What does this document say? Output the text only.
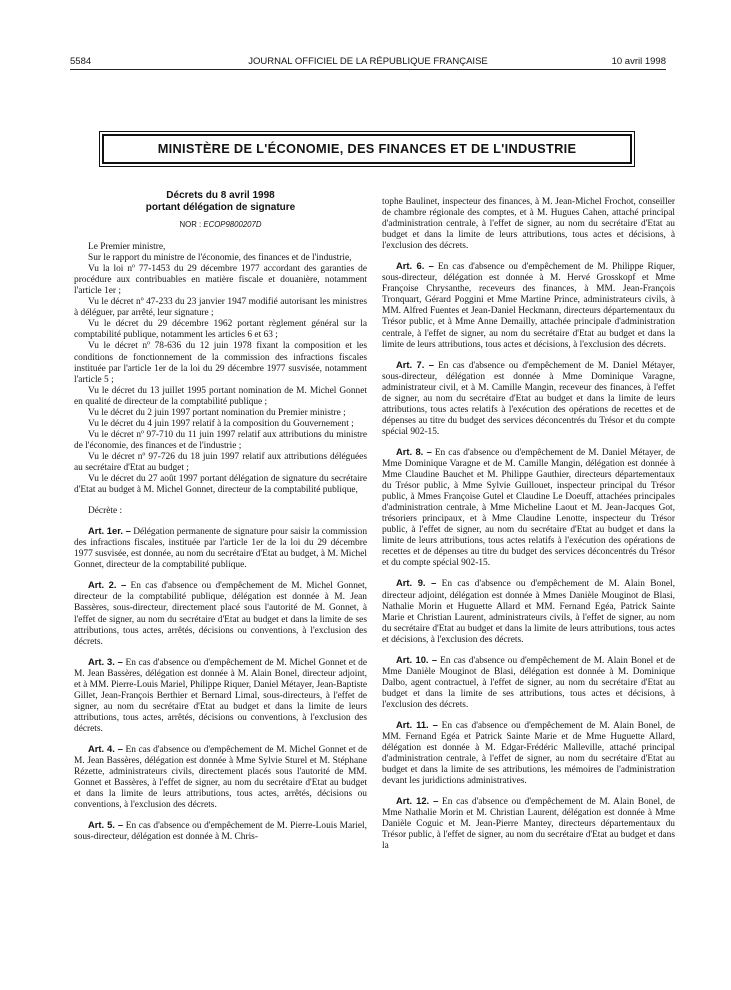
5584	JOURNAL OFFICIEL DE LA RÉPUBLIQUE FRANÇAISE	10 avril 1998
MINISTÈRE DE L'ÉCONOMIE, DES FINANCES ET DE L'INDUSTRIE
Décrets du 8 avril 1998
portant délégation de signature
NOR : ECOP9800207D

Le Premier ministre,

Sur le rapport du ministre de l'économie, des finances et de l'industrie,

Vu la loi nº 77-1453 du 29 décembre 1977 accordant des garanties de procédure aux contribuables en matière fiscale et douanière, notamment l'article 1er ;

Vu le décret nº 47-233 du 23 janvier 1947 modifié autorisant les ministres à déléguer, par arrêté, leur signature ;

Vu le décret du 29 décembre 1962 portant règlement général sur la comptabilité publique, notamment les articles 6 et 63 ;

Vu le décret nº 78-636 du 12 juin 1978 fixant la composition et les conditions de fonctionnement de la commission des infractions fiscales instituée par l'article 1er de la loi du 29 décembre 1977 susvisée, notamment l'article 5 ;

Vu le décret du 13 juillet 1995 portant nomination de M. Michel Gonnet en qualité de directeur de la comptabilité publique ;

Vu le décret du 2 juin 1997 portant nomination du Premier ministre ;

Vu le décret du 4 juin 1997 relatif à la composition du Gouvernement ;

Vu le décret nº 97-710 du 11 juin 1997 relatif aux attributions du ministre de l'économie, des finances et de l'industrie ;

Vu le décret nº 97-726 du 18 juin 1997 relatif aux attributions déléguées au secrétaire d'Etat au budget ;

Vu le décret du 27 août 1997 portant délégation de signature du secrétaire d'Etat au budget à M. Michel Gonnet, directeur de la comptabilité publique,

Décrète :

Art. 1er. – Délégation permanente de signature pour saisir la commission des infractions fiscales, instituée par l'article 1er de la loi du 29 décembre 1977 susvisée, est donnée, au nom du secrétaire d'Etat au budget, à M. Michel Gonnet, directeur de la comptabilité publique.

Art. 2. – En cas d'absence ou d'empêchement de M. Michel Gonnet, directeur de la comptabilité publique, délégation est donnée à M. Jean Bassères, sous-directeur, directement placé sous l'autorité de M. Gonnet, à l'effet de signer, au nom du secrétaire d'Etat au budget et dans la limite de ses attributions, tous actes, arrêtés, décisions ou conventions, à l'exclusion des décrets.

Art. 3. – En cas d'absence ou d'empêchement de M. Michel Gonnet et de M. Jean Bassères, délégation est donnée à M. Alain Bonel, directeur adjoint, et à MM. Pierre-Louis Mariel, Philippe Riquer, Daniel Métayer, Jean-Baptiste Gillet, Jean-François Berthier et Bernard Limal, sous-directeurs, à l'effet de signer, au nom du secrétaire d'Etat au budget et dans la limite de leurs attributions, tous actes, arrêtés, décisions ou conventions, à l'exclusion des décrets.

Art. 4. – En cas d'absence ou d'empêchement de M. Michel Gonnet et de M. Jean Bassères, délégation est donnée à Mme Sylvie Sturel et M. Stéphane Rézette, administrateurs civils, directement placés sous l'autorité de MM. Gonnet et Bassères, à l'effet de signer, au nom du secrétaire d'Etat au budget et dans la limite de leurs attributions, tous actes, arrêtés, décisions ou conventions, à l'exclusion des décrets.

Art. 5. – En cas d'absence ou d'empêchement de M. Pierre-Louis Mariel, sous-directeur, délégation est donnée à M. Chris-

tophe Baulinet, inspecteur des finances, à M. Jean-Michel Frochot, conseiller de chambre régionale des comptes, et à M. Hugues Cahen, attaché principal d'administration centrale, à l'effet de signer, au nom du secrétaire d'Etat au budget et dans la limite de leurs attributions, tous actes et décisions, à l'exclusion des décrets.

Art. 6. – En cas d'absence ou d'empêchement de M. Philippe Riquer, sous-directeur, délégation est donnée à M. Hervé Grosskopf et Mme Françoise Chrysanthe, receveurs des finances, à MM. Jean-François Tronquart, Gérard Poggini et Mme Martine Prince, administrateurs civils, à MM. Alfred Fuentes et Jean-Daniel Heckmann, directeurs départementaux du Trésor public, et à Mme Anne Demailly, attachée principale d'administration centrale, à l'effet de signer, au nom du secrétaire d'Etat au budget et dans la limite de leurs attributions, tous actes et décisions, à l'exclusion des décrets.

Art. 7. – En cas d'absence ou d'empêchement de M. Daniel Métayer, sous-directeur, délégation est donnée à Mme Dominique Varagne, administrateur civil, et à M. Camille Mangin, receveur des finances, à l'effet de signer, au nom du secrétaire d'Etat au budget et dans la limite de leurs attributions, tous actes relatifs à l'exécution des opérations de recettes et de dépenses au titre du budget des services déconcentrés du Trésor et du compte spécial 902-15.

Art. 8. – En cas d'absence ou d'empêchement de M. Daniel Métayer, de Mme Dominique Varagne et de M. Camille Mangin, délégation est donnée à Mme Claudine Bauchet et M. Philippe Gauthier, directeurs départementaux du Trésor public, à Mme Sylvie Guillouet, inspecteur principal du Trésor public, à Mmes Françoise Gutel et Claudine Le Doeuff, attachées principales d'administration centrale, à Mme Micheline Laout et M. Jean-Jacques Got, trésoriers principaux, et à Mme Claudine Lenotte, inspecteur du Trésor public, à l'effet de signer, au nom du secrétaire d'Etat au budget et dans la limite de leurs attributions, tous actes relatifs à l'exécution des opérations de recettes et de dépenses au titre du budget des services déconcentrés du Trésor et du compte spécial 902-15.

Art. 9. – En cas d'absence ou d'empêchement de M. Alain Bonel, directeur adjoint, délégation est donnée à Mmes Danièle Mouginot de Blasi, Nathalie Morin et Huguette Allard et MM. Fernand Egéa, Patrick Sainte Marie et Christian Laurent, administrateurs civils, à l'effet de signer, au nom du secrétaire d'Etat au budget et dans la limite de leurs attributions, tous actes et décisions, à l'exclusion des décrets.

Art. 10. – En cas d'absence ou d'empêchement de M. Alain Bonel et de Mme Danièle Mouginot de Blasi, délégation est donnée à M. Dominique Dalbo, agent contractuel, à l'effet de signer, au nom du secrétaire d'Etat au budget et dans la limite de ses attributions, tous actes et décisions, à l'exclusion des décrets.

Art. 11. – En cas d'absence ou d'empêchement de M. Alain Bonel, de MM. Fernand Egéa et Patrick Sainte Marie et de Mme Huguette Allard, délégation est donnée à M. Edgar-Frédéric Malleville, attaché principal d'administration centrale, à l'effet de signer, au nom du secrétaire d'Etat au budget et dans la limite de ses attributions, les mémoires de l'administration devant les juridictions administratives.

Art. 12. – En cas d'absence ou d'empêchement de M. Alain Bonel, de Mme Nathalie Morin et M. Christian Laurent, délégation est donnée à Mme Danièle Coguic et M. Jean-Pierre Mantey, directeurs départementaux du Trésor public, à l'effet de signer, au nom du secrétaire d'Etat au budget et dans la
